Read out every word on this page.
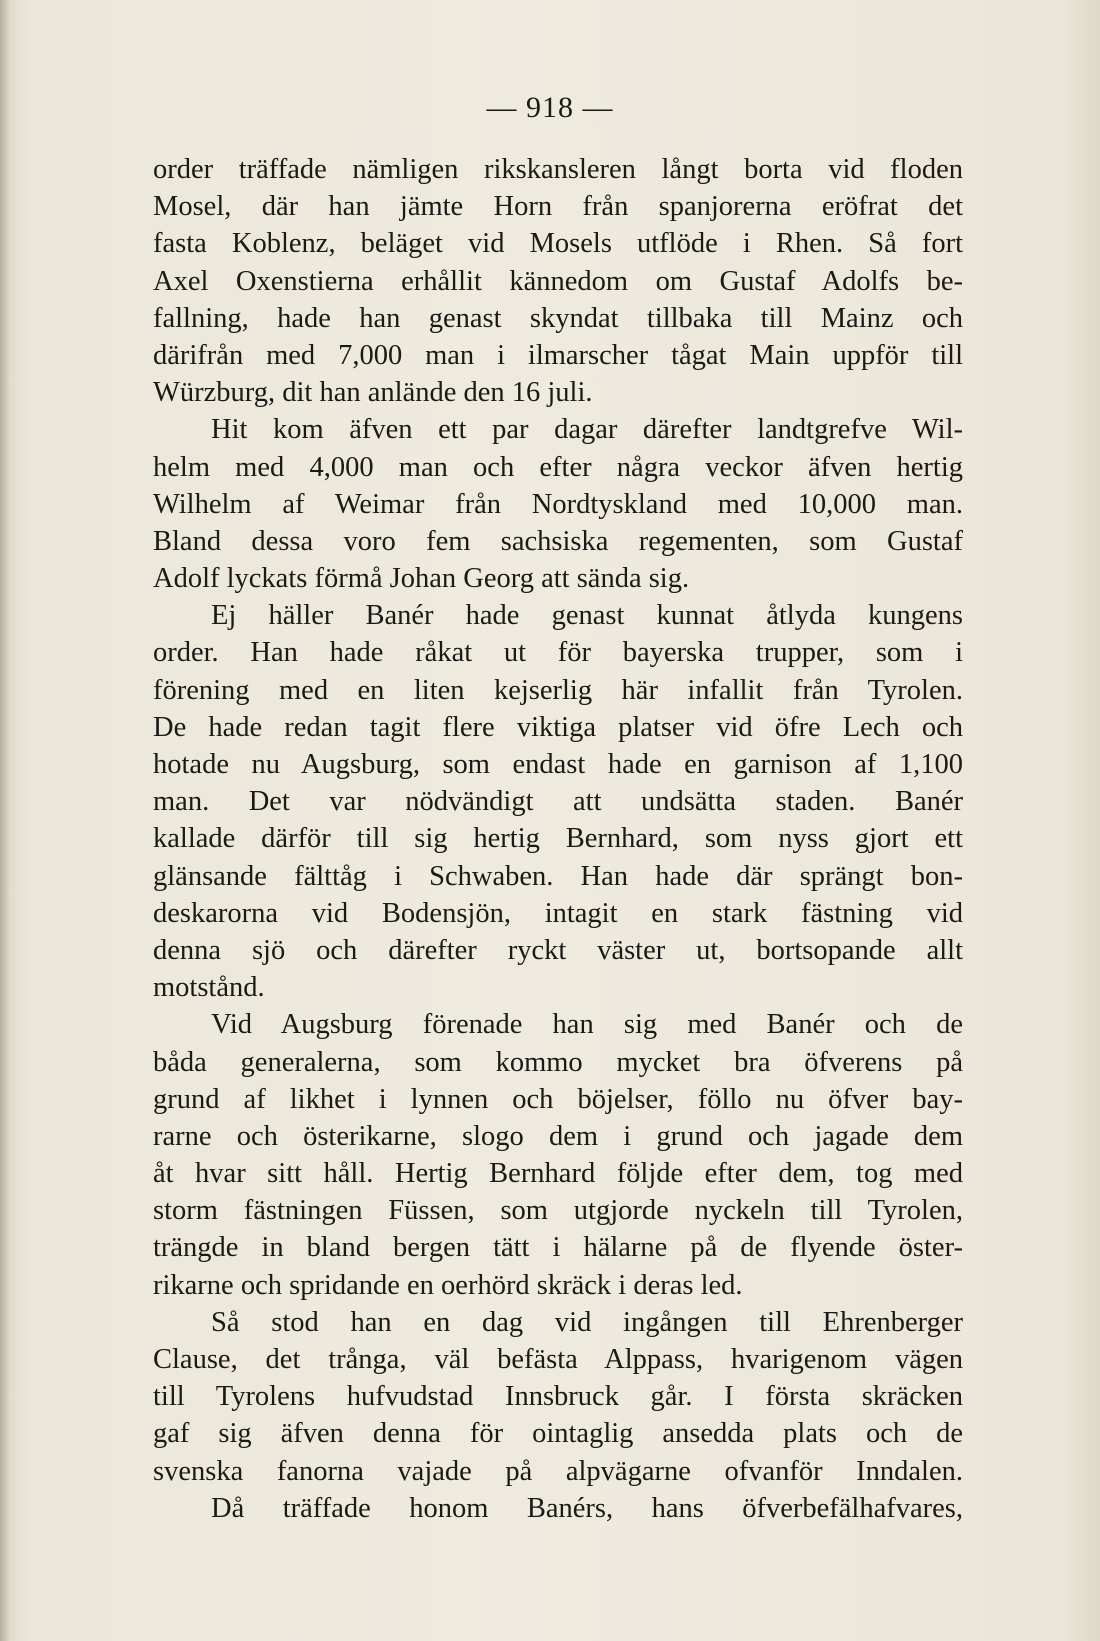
— 918 —
order träffade nämligen rikskansleren långt borta vid floden
Mosel, där han jämte Horn från spanjorerna eröfrat det
fasta Koblenz, beläget vid Mosels utflöde i Rhen. Så fort
Axel Oxenstierna erhållit kännedom om Gustaf Adolfs be-
fallning, hade han genast skyndat tillbaka till Mainz och
därifrån med 7,000 man i ilmarscher tågat Main uppför till
Würzburg, dit han anlände den 16 juli.
Hit kom äfven ett par dagar därefter landtgrefve Wil-
helm med 4,000 man och efter några veckor äfven hertig
Wilhelm af Weimar från Nordtyskland med 10,000 man.
Bland dessa voro fem sachsiska regementen, som Gustaf
Adolf lyckats förmå Johan Georg att sända sig.
Ej häller Banér hade genast kunnat åtlyda kungens
order. Han hade råkat ut för bayerska trupper, som i
förening med en liten kejserlig här infallit från Tyrolen.
De hade redan tagit flere viktiga platser vid öfre Lech och
hotade nu Augsburg, som endast hade en garnison af 1,100
man. Det var nödvändigt att undsätta staden. Banér
kallade därför till sig hertig Bernhard, som nyss gjort ett
glänsande fälttåg i Schwaben. Han hade där sprängt bon-
deskarorna vid Bodensjön, intagit en stark fästning vid
denna sjö och därefter ryckt väster ut, bortsopande allt
motstånd.
Vid Augsburg förenade han sig med Banér och de
båda generalerna, som kommo mycket bra öfverens på
grund af likhet i lynnen och böjelser, föllo nu öfver bay-
rarne och österikarne, slogo dem i grund och jagade dem
åt hvar sitt håll. Hertig Bernhard följde efter dem, tog med
storm fästningen Füssen, som utgjorde nyckeln till Tyrolen,
trängde in bland bergen tätt i hälarne på de flyende öster-
rikarne och spridande en oerhörd skräck i deras led.
Så stod han en dag vid ingången till Ehrenberger
Clause, det trånga, väl befästa Alppass, hvarigenom vägen
till Tyrolens hufvudstad Innsbruck går. I första skräcken
gaf sig äfven denna för ointaglig ansedda plats och de
svenska fanorna vajade på alpvägarne ofvanför Inndalen.
Då träffade honom Banérs, hans öfverbefälhafvares,
